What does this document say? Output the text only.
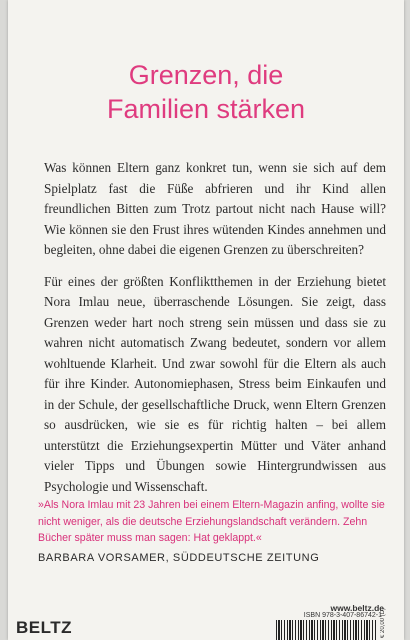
Grenzen, die
Familien stärken

Was können Eltern ganz konkret tun, wenn sie sich auf dem Spielplatz fast die Füße abfrieren und ihr Kind allen freundlichen Bitten zum Trotz partout nicht nach Hause will? Wie können sie den Frust ihres wütenden Kindes annehmen und begleiten, ohne dabei die eigenen Grenzen zu überschreiten?

Für eines der größten Konfliktthemen in der Erziehung bietet Nora Imlau neue, überraschende Lösungen. Sie zeigt, dass Grenzen weder hart noch streng sein müssen und dass sie zu wahren nicht automatisch Zwang bedeutet, sondern vor allem wohltuende Klarheit. Und zwar sowohl für die Eltern als auch für ihre Kinder. Autonomiephasen, Stress beim Einkaufen und in der Schule, der gesellschaftliche Druck, wenn Eltern Grenzen so ausdrücken, wie sie es für richtig halten – bei allem unterstützt die Erziehungsexpertin Mütter und Väter anhand vieler Tipps und Übungen sowie Hintergrundwissen aus Psychologie und Wissenschaft.

»Als Nora Imlau mit 23 Jahren bei einem Eltern-Magazin anfing, wollte sie nicht weniger, als die deutsche Erziehungslandschaft verändern. Zehn Bücher später muss man sagen: Hat geklappt.«
BARBARA VORSAMER, SÜDDEUTSCHE ZEITUNG
www.beltz.de
ISBN 978-3-407-86742-1
BELTZ	€ 20,00 (D)
